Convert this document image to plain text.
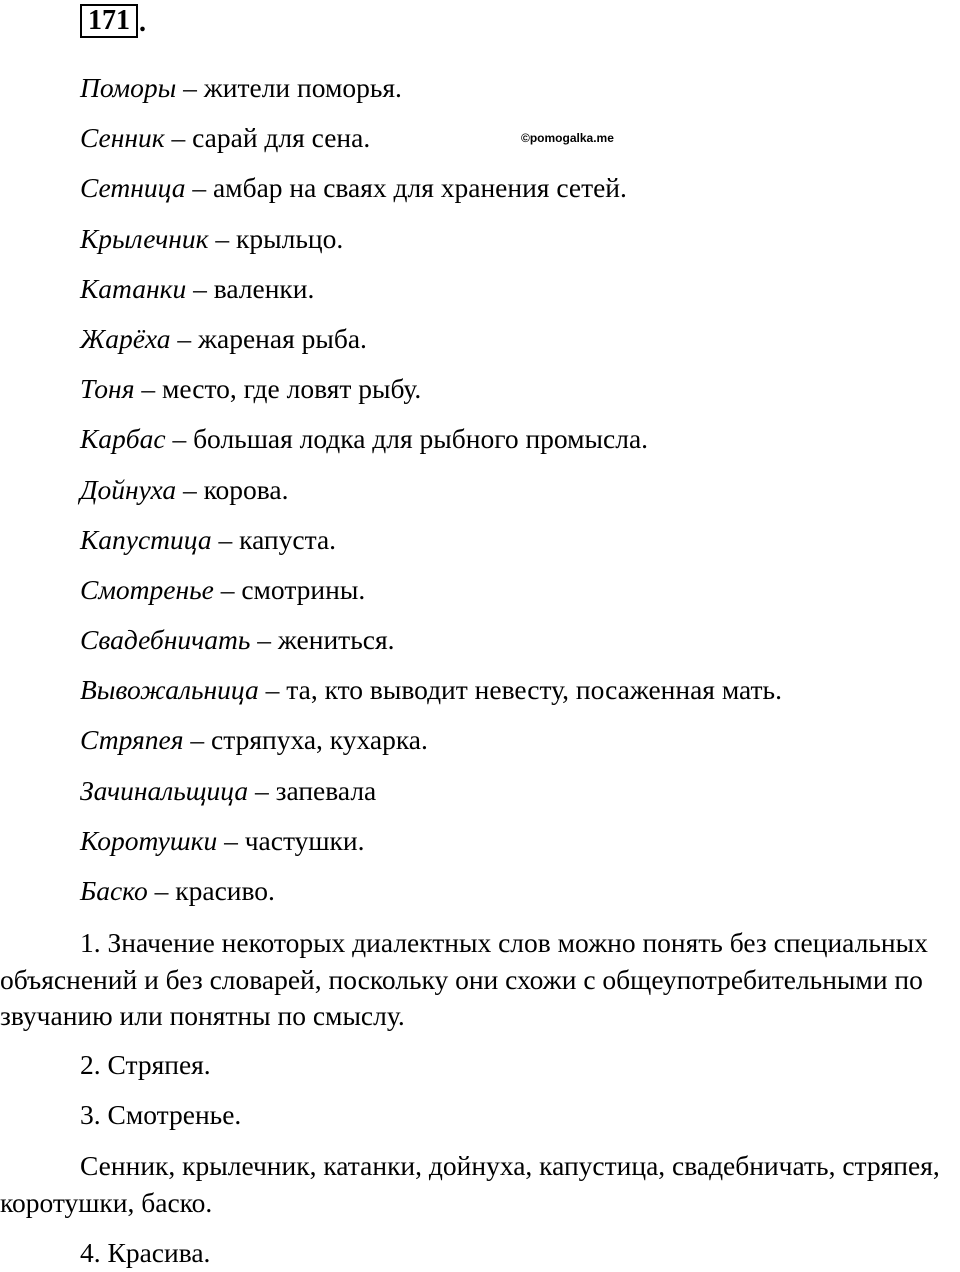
171 .
©pomogalka.me
Поморы – жители поморья.
Сенник – сарай для сена.
Сетница – амбар на сваях для хранения сетей.
Крылечник – крыльцо.
Катанки – валенки.
Жарёха – жареная рыба.
Тоня – место, где ловят рыбу.
Карбас – большая лодка для рыбного промысла.
Дойнуха – корова.
Капустица – капуста.
Смотренье – смотрины.
Свадебничать – жениться.
Вывожальница – та, кто выводит невесту, посаженная мать.
Стряпея – стряпуха, кухарка.
Зачинальщица – запевала
Коротушки – частушки.
Баско – красиво.

1. Значение некоторых диалектных слов можно понять без специальных объяснений и без словарей, поскольку они схожи с общеупотребительными по звучанию или понятны по смыслу.

2. Стряпея.

3. Смотренье.

Сенник, крылечник, катанки, дойнуха, капустица, свадебничать, стряпея, коротушки, баско.

4. Красива.
